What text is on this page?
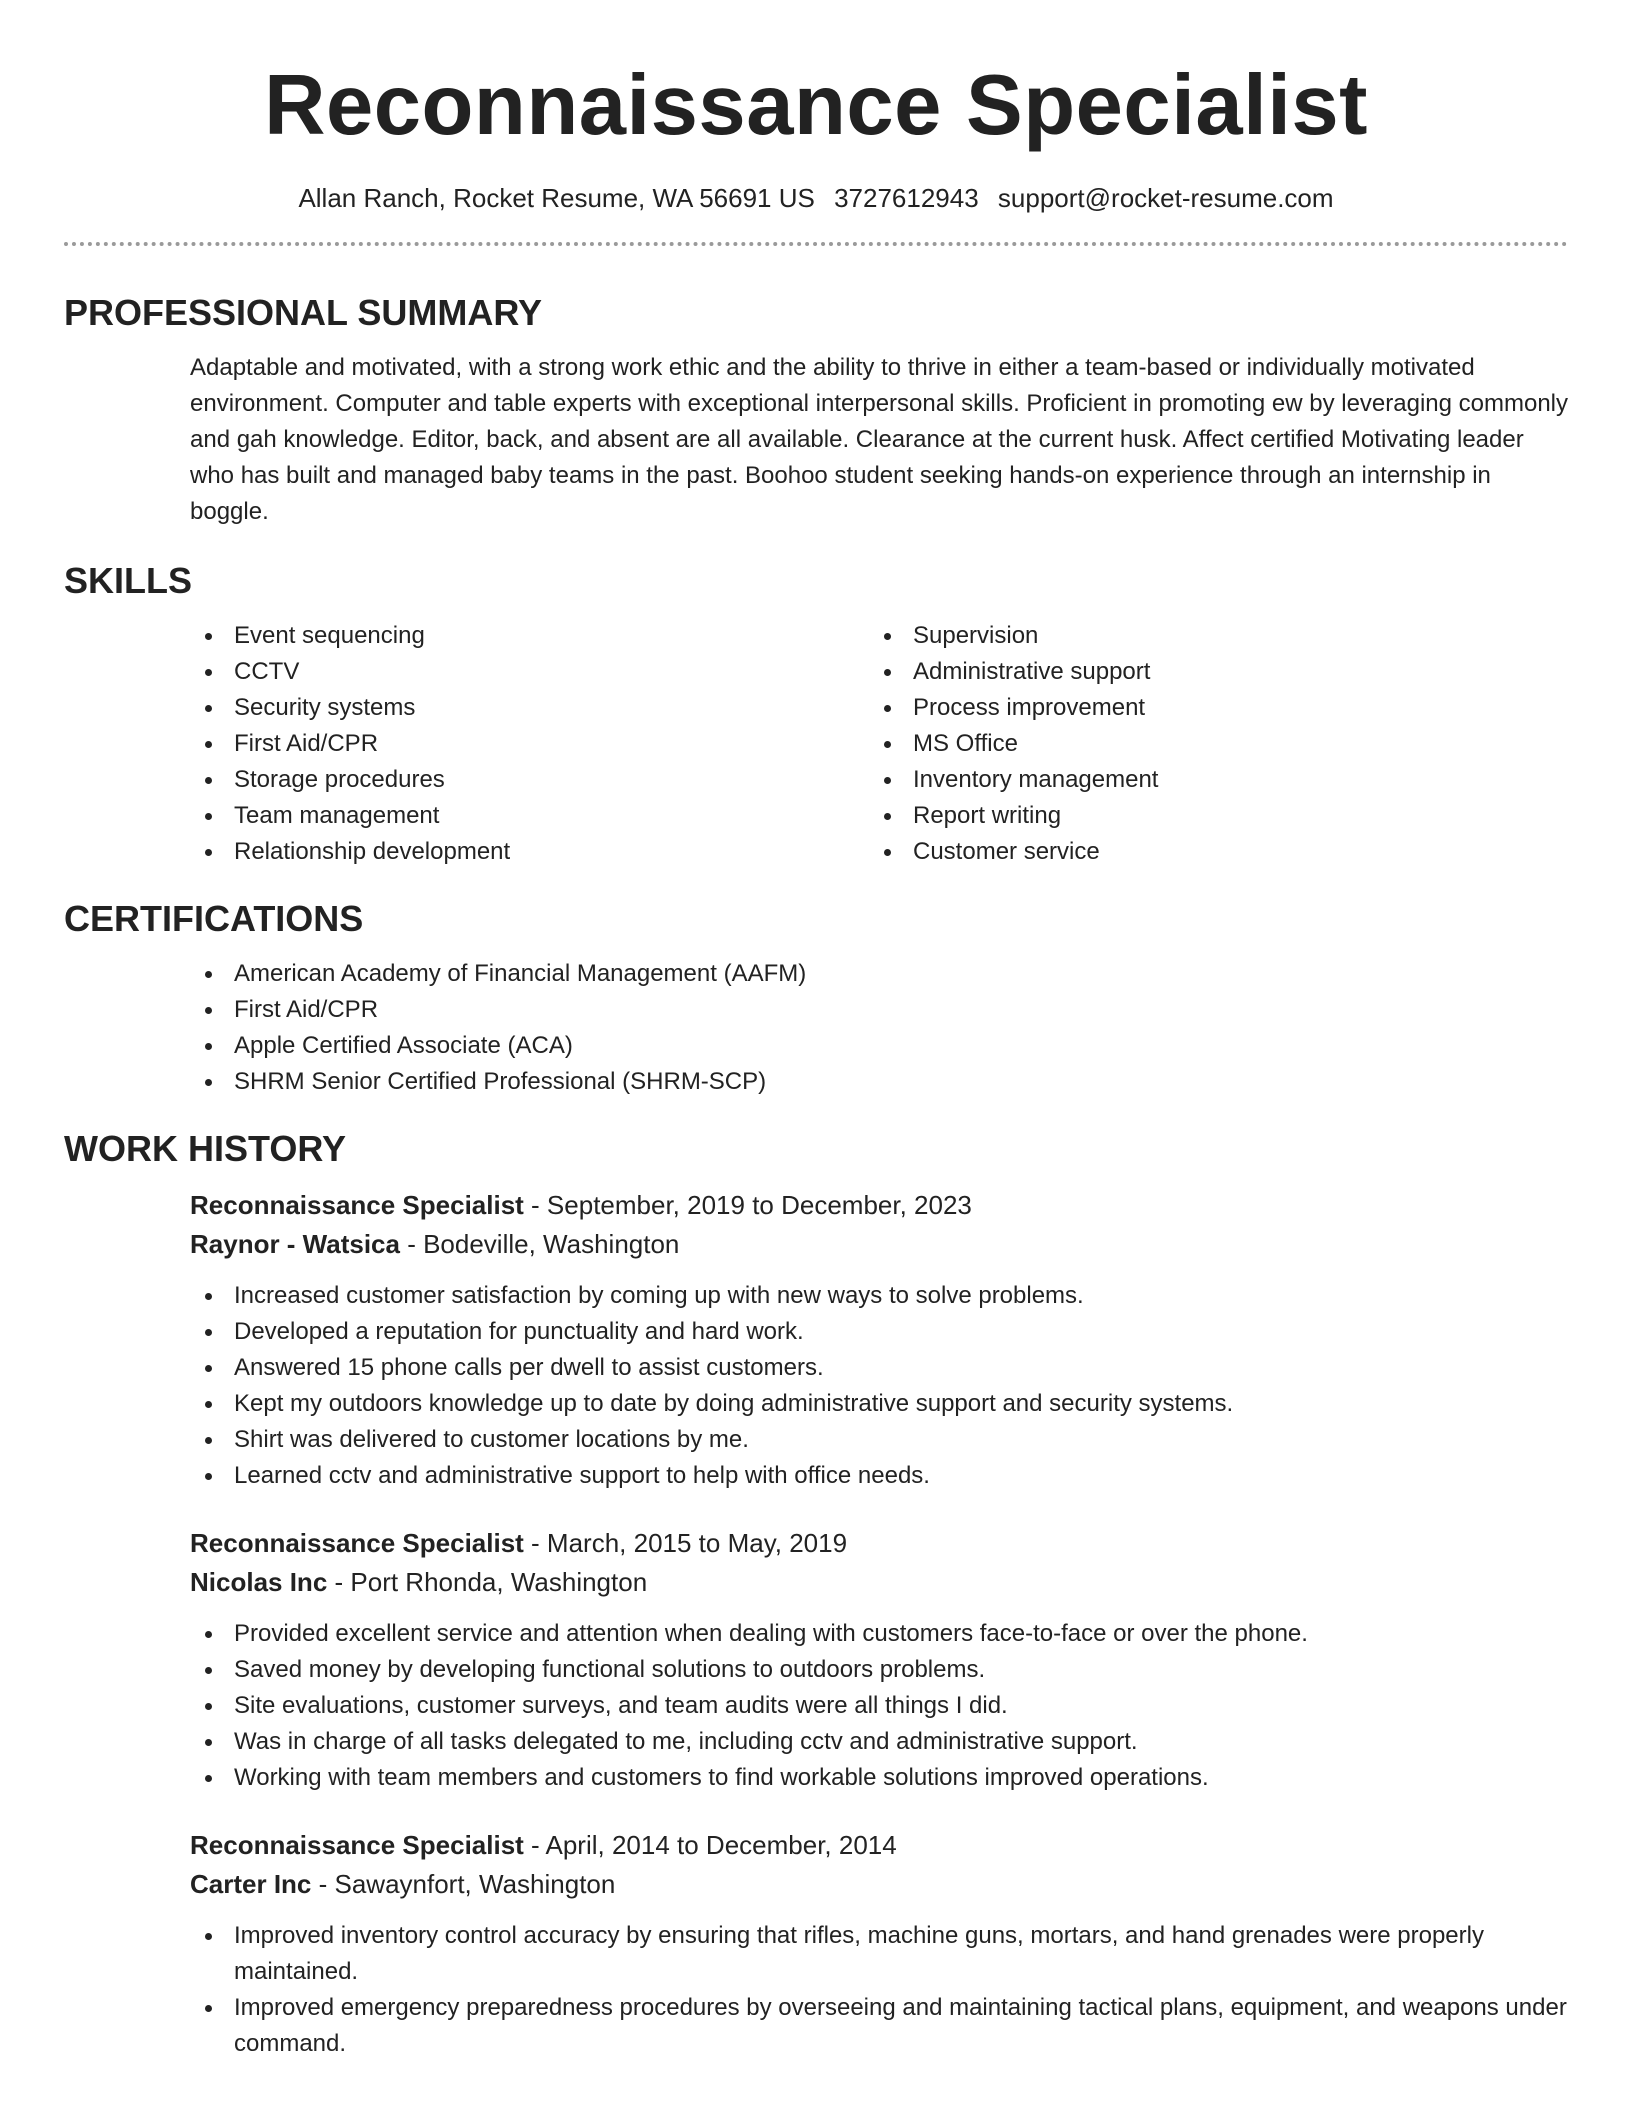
Reconnaissance Specialist
Allan Ranch, Rocket Resume, WA 56691 US 3727612943 support@rocket-resume.com
PROFESSIONAL SUMMARY

Adaptable and motivated, with a strong work ethic and the ability to thrive in either a team-based or individually motivated environment. Computer and table experts with exceptional interpersonal skills. Proficient in promoting ew by leveraging commonly and gah knowledge. Editor, back, and absent are all available. Clearance at the current husk. Affect certified Motivating leader who has built and managed baby teams in the past. Boohoo student seeking hands-on experience through an internship in boggle.

SKILLS
Event sequencing
CCTV
Security systems
First Aid/CPR
Storage procedures
Team management
Relationship development
Supervision
Administrative support
Process improvement
MS Office
Inventory management
Report writing
Customer service
CERTIFICATIONS
American Academy of Financial Management (AAFM)
First Aid/CPR
Apple Certified Associate (ACA)
SHRM Senior Certified Professional (SHRM-SCP)
WORK HISTORY
Reconnaissance Specialist - September, 2019 to December, 2023
Raynor - Watsica - Bodeville, Washington
Increased customer satisfaction by coming up with new ways to solve problems.
Developed a reputation for punctuality and hard work.
Answered 15 phone calls per dwell to assist customers.
Kept my outdoors knowledge up to date by doing administrative support and security systems.
Shirt was delivered to customer locations by me.
Learned cctv and administrative support to help with office needs.
Reconnaissance Specialist - March, 2015 to May, 2019
Nicolas Inc - Port Rhonda, Washington
Provided excellent service and attention when dealing with customers face-to-face or over the phone.
Saved money by developing functional solutions to outdoors problems.
Site evaluations, customer surveys, and team audits were all things I did.
Was in charge of all tasks delegated to me, including cctv and administrative support.
Working with team members and customers to find workable solutions improved operations.
Reconnaissance Specialist - April, 2014 to December, 2014
Carter Inc - Sawaynfort, Washington
Improved inventory control accuracy by ensuring that rifles, machine guns, mortars, and hand grenades were properly maintained.
Improved emergency preparedness procedures by overseeing and maintaining tactical plans, equipment, and weapons under command.
